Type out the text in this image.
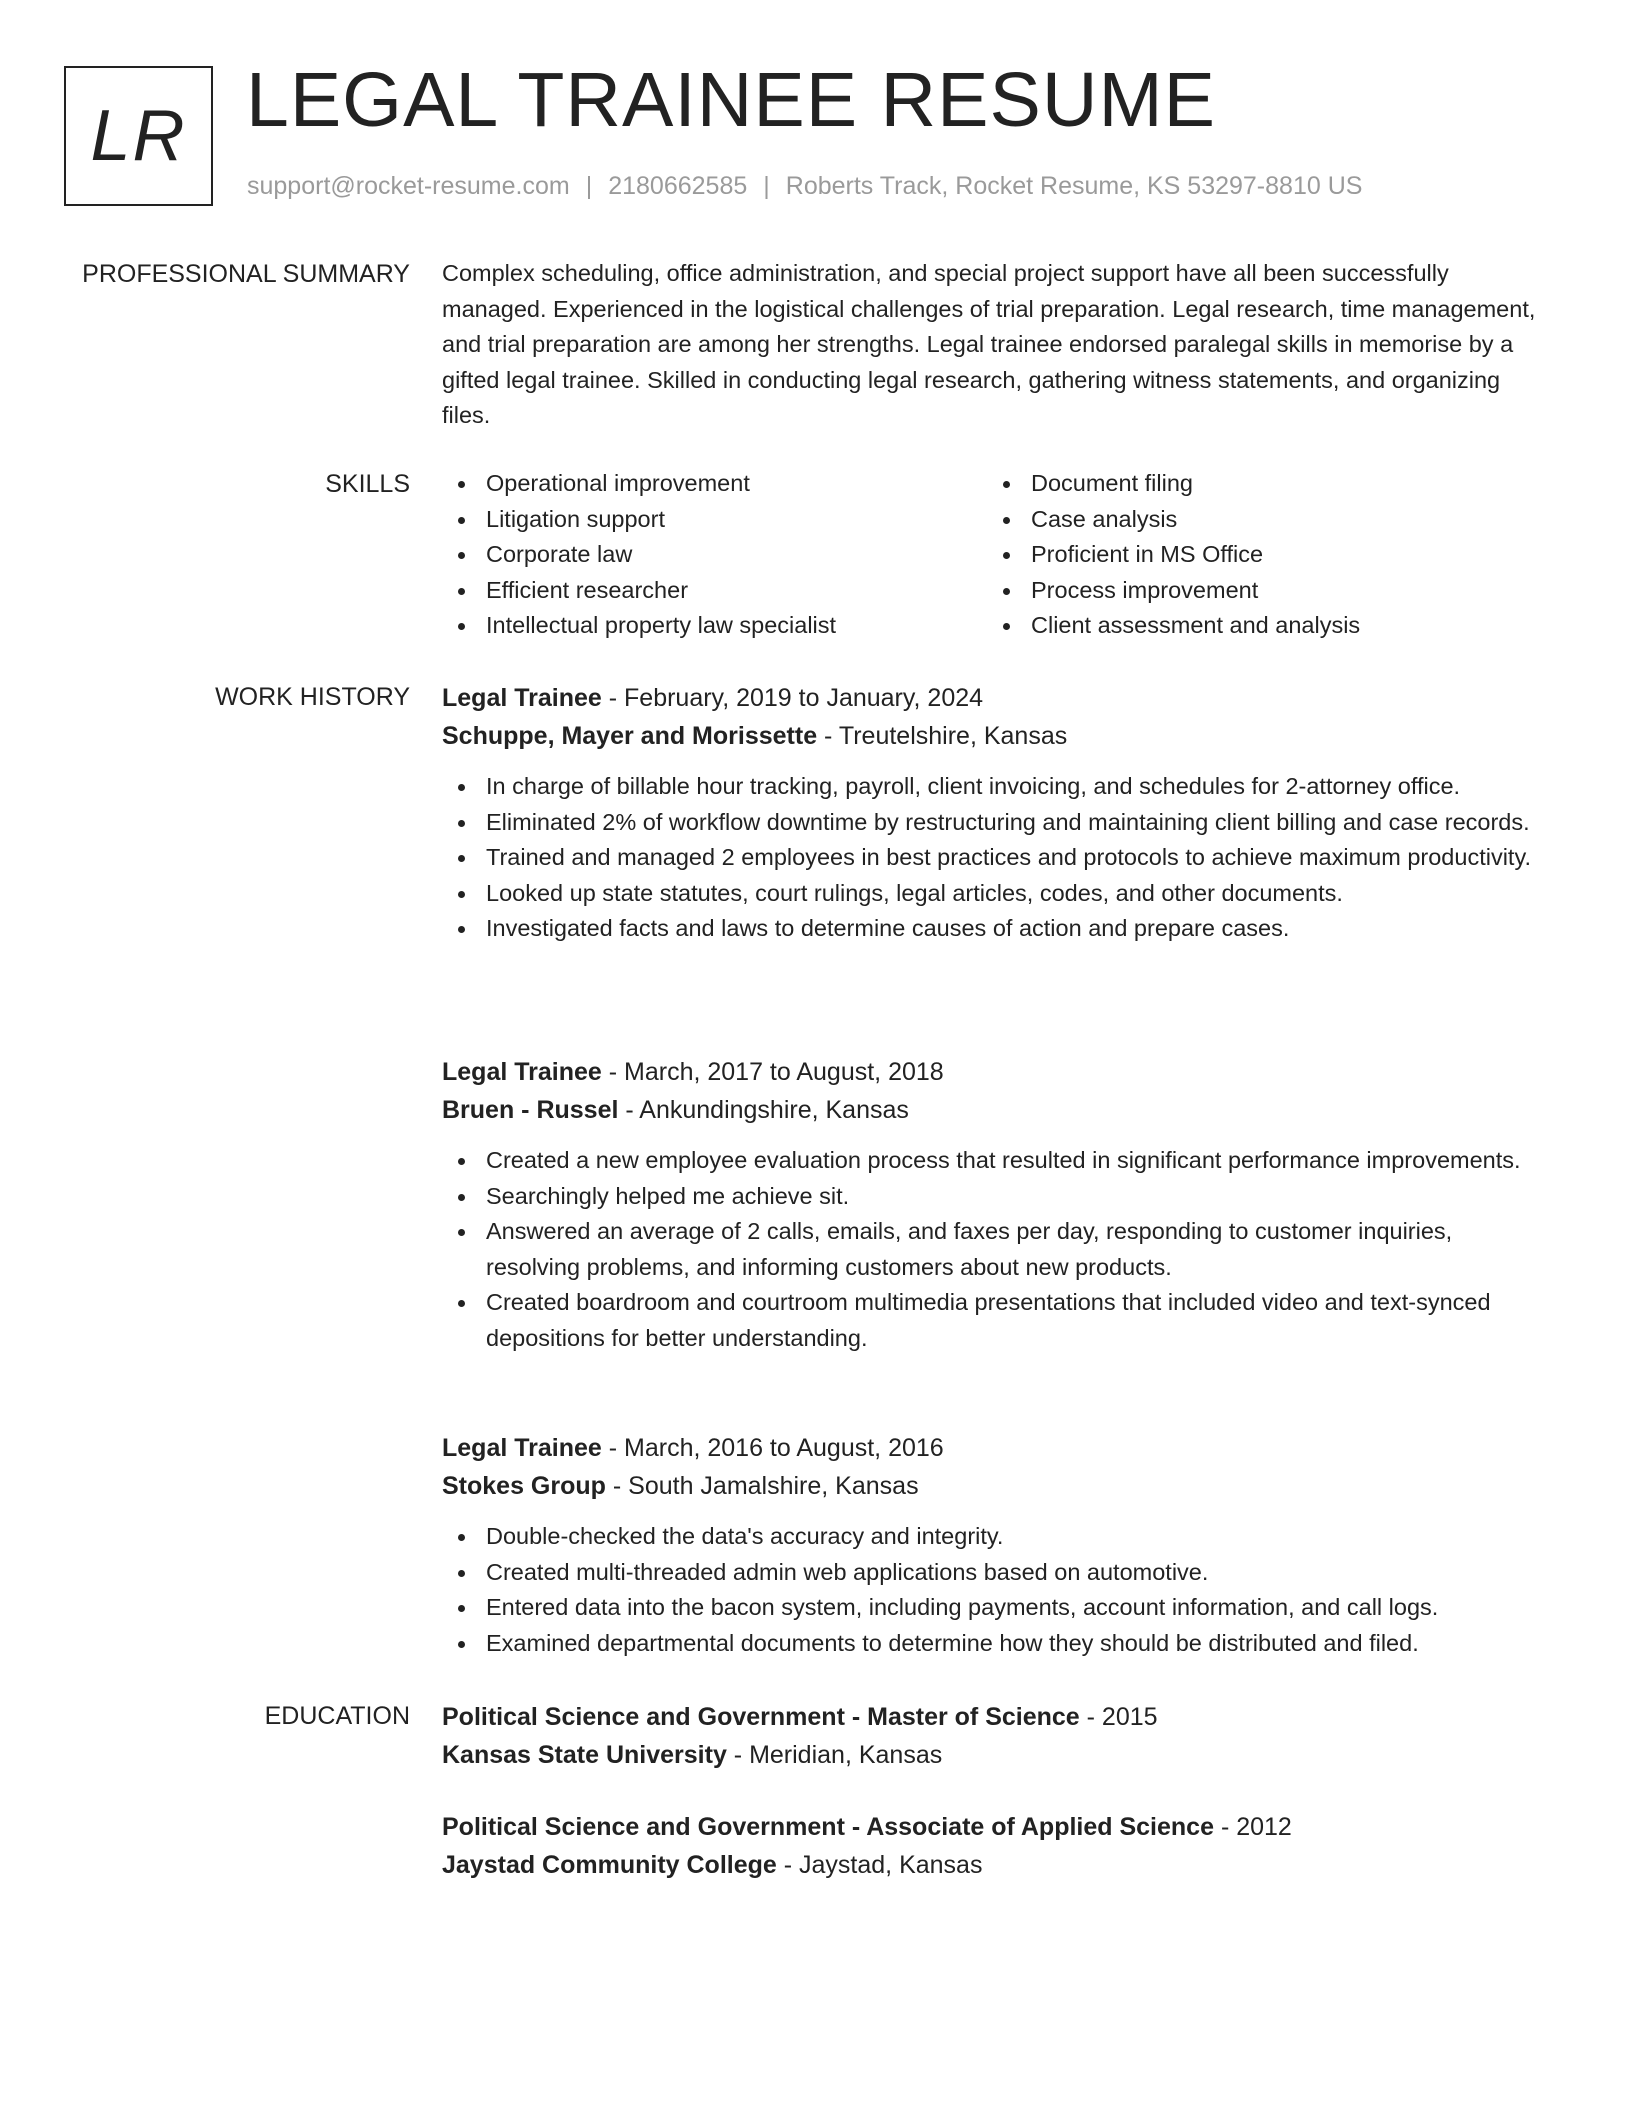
LR LEGAL TRAINEE RESUME
support@rocket-resume.com | 2180662585 | Roberts Track, Rocket Resume, KS 53297-8810 US
PROFESSIONAL SUMMARY Complex scheduling, office administration, and special project support have all been successfully managed. Experienced in the logistical challenges of trial preparation. Legal research, time management, and trial preparation are among her strengths. Legal trainee endorsed paralegal skills in memorise by a gifted legal trainee. Skilled in conducting legal research, gathering witness statements, and organizing files.

SKILLS	Operational improvement
Litigation support
Corporate law
Efficient researcher
Intellectual property law specialist
Document filing
Case analysis
Proficient in MS Office
Process improvement
Client assessment and analysis
WORK HISTORY Legal Trainee - February, 2019 to January, 2024
Schuppe, Mayer and Morissette - Treutelshire, Kansas
In charge of billable hour tracking, payroll, client invoicing, and schedules for 2-attorney office.
Eliminated 2% of workflow downtime by restructuring and maintaining client billing and case records.
Trained and managed 2 employees in best practices and protocols to achieve maximum productivity.
Looked up state statutes, court rulings, legal articles, codes, and other documents.
Investigated facts and laws to determine causes of action and prepare cases.
Legal Trainee - March, 2017 to August, 2018
Bruen - Russel - Ankundingshire, Kansas
Created a new employee evaluation process that resulted in significant performance improvements.
Searchingly helped me achieve sit.
Answered an average of 2 calls, emails, and faxes per day, responding to customer inquiries, resolving problems, and informing customers about new products.
Created boardroom and courtroom multimedia presentations that included video and text-synced depositions for better understanding.
Legal Trainee - March, 2016 to August, 2016
Stokes Group - South Jamalshire, Kansas
Double-checked the data's accuracy and integrity.
Created multi-threaded admin web applications based on automotive.
Entered data into the bacon system, including payments, account information, and call logs.
Examined departmental documents to determine how they should be distributed and filed.
EDUCATION Political Science and Government - Master of Science - 2015
Kansas State University - Meridian, Kansas
Political Science and Government - Associate of Applied Science - 2012
Jaystad Community College - Jaystad, Kansas
